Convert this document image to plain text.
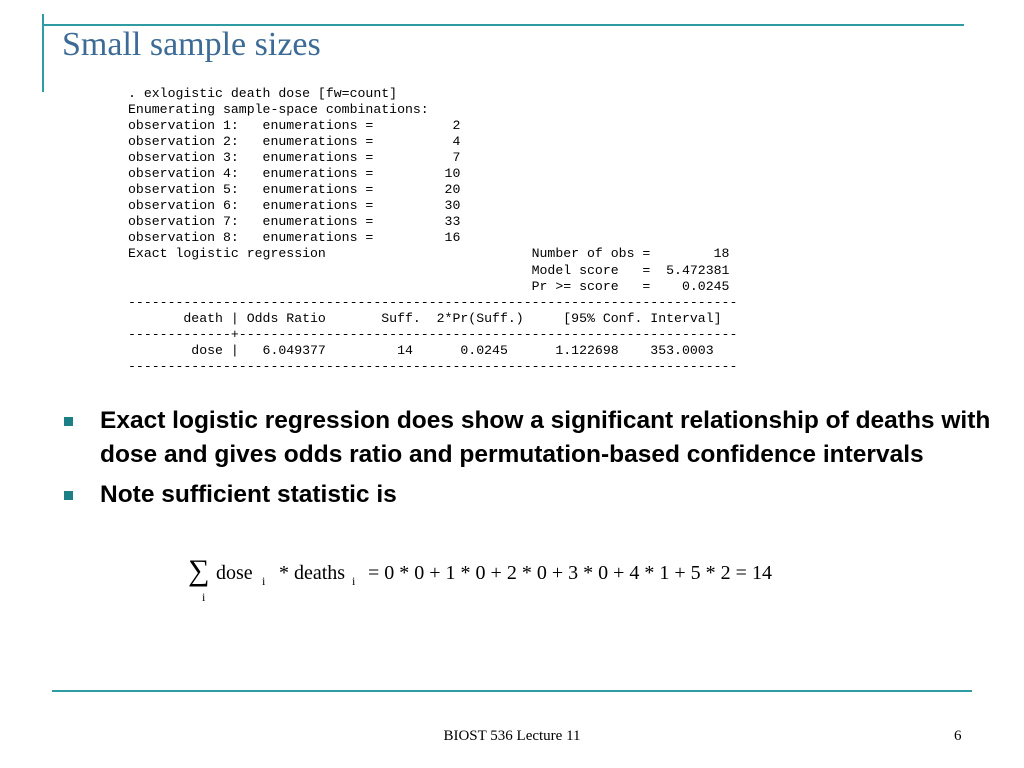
Small sample sizes
. exlogistic death dose [fw=count]
Enumerating sample-space combinations:
observation 1:   enumerations =          2
observation 2:   enumerations =          4
observation 3:   enumerations =          7
observation 4:   enumerations =         10
observation 5:   enumerations =         20
observation 6:   enumerations =         30
observation 7:   enumerations =         33
observation 8:   enumerations =         16
Exact logistic regression                          Number of obs =        18
Model score   =  5.472381
Pr >= score   =    0.0245
-----------------------------------------------------------------------------
death | Odds Ratio       Suff.  2*Pr(Suff.)     [95% Conf. Interval]
-------------+---------------------------------------------------------------
dose |   6.049377         14      0.0245      1.122698    353.0003
-----------------------------------------------------------------------------
Exact logistic regression does show a significant relationship of deaths with dose and gives odds ratio and permutation-based confidence intervals
Note sufficient statistic is
∑
i
dose i * deaths i = 0 * 0 + 1 * 0 + 2 * 0 + 3 * 0 + 4 * 1 + 5 * 2 = 14
BIOST 536 Lecture 11	6
